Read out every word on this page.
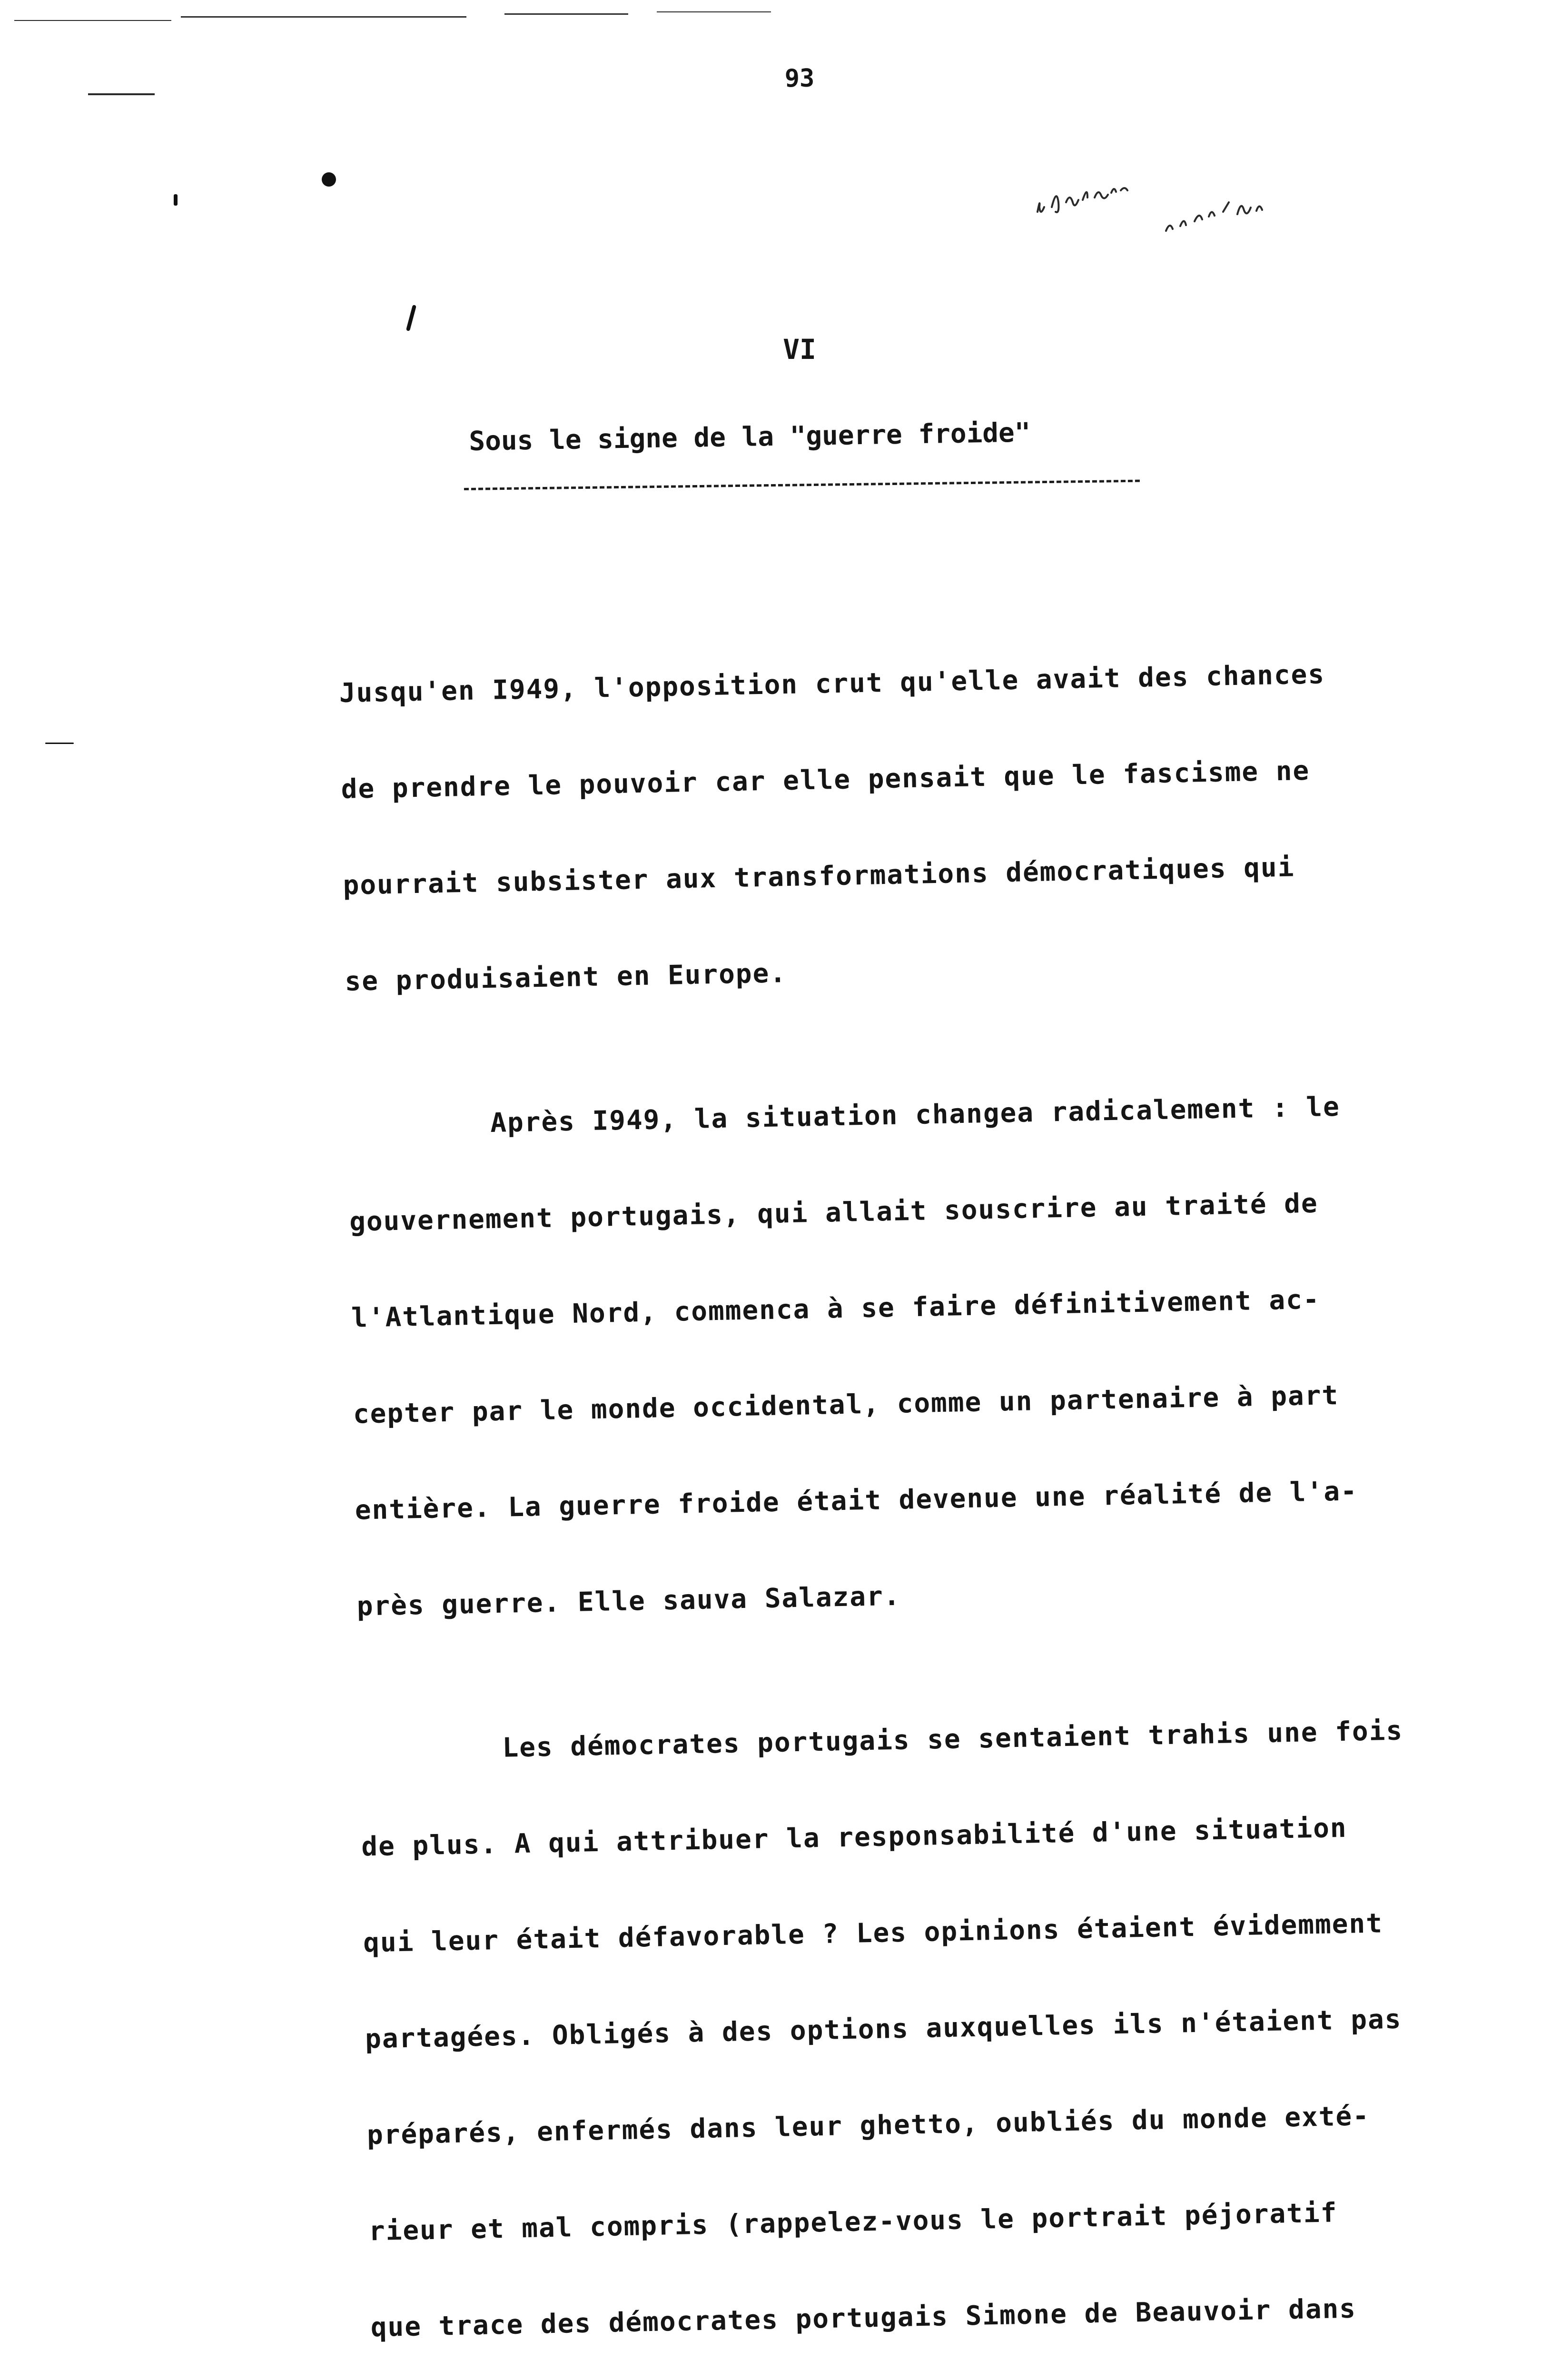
93
VI
Sous le signe de la "guerre froide"

Jusqu'en I949, l'opposition crut qu'elle avait des chances

de prendre le pouvoir car elle pensait que le fascisme ne

pourrait subsister aux transformations démocratiques qui

se produisaient en Europe.

Après I949, la situation changea radicalement : le

gouvernement portugais, qui allait souscrire au traité de

l'Atlantique Nord, commenca à se faire définitivement ac-

cepter par le monde occidental, comme un partenaire à part

entière. La guerre froide était devenue une réalité de l'a-

près guerre. Elle sauva Salazar.

Les démocrates portugais se sentaient trahis une fois

de plus. A qui attribuer la responsabilité d'une situation

qui leur était défavorable ? Les opinions étaient évidemment

partagées. Obligés à des options auxquelles ils n'étaient pas

préparés, enfermés dans leur ghetto, oubliés du monde exté-

rieur et mal compris (rappelez-vous le portrait péjoratif

que trace des démocrates portugais Simone de Beauvoir dans
